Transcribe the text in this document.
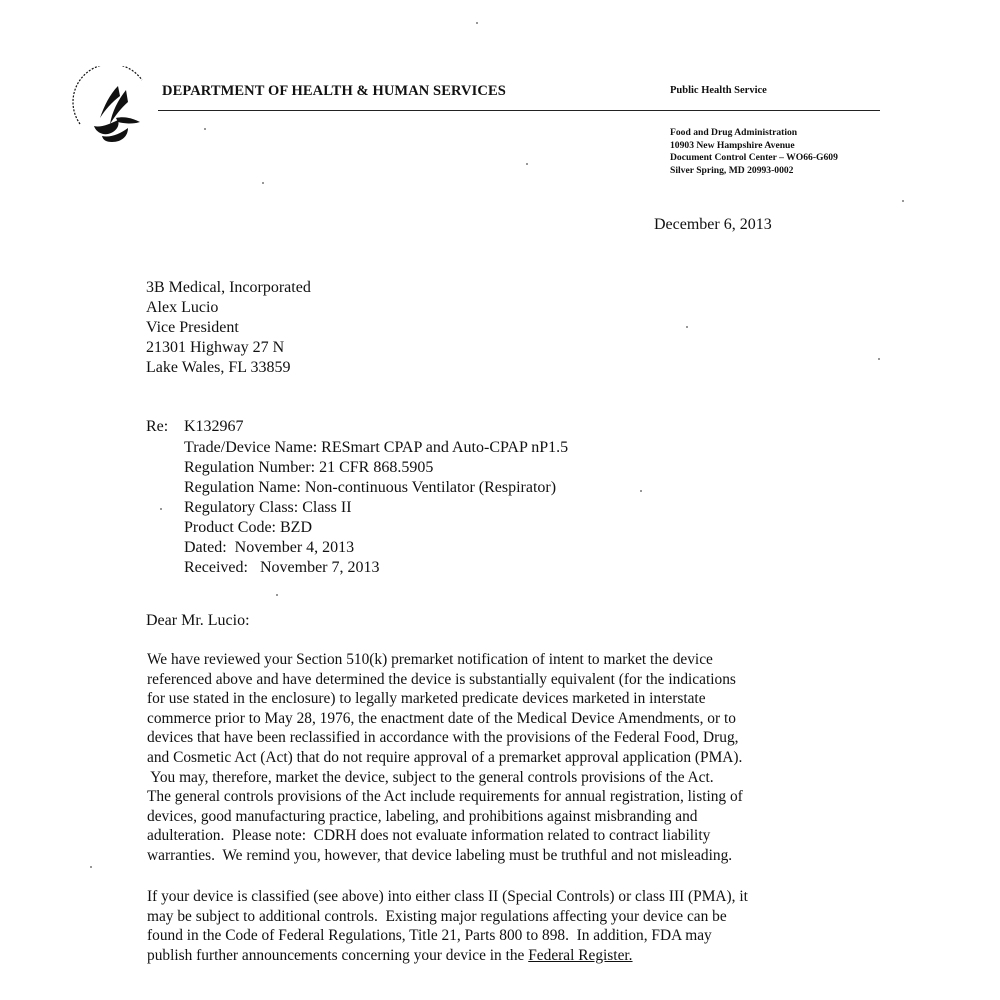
DEPARTMENT OF HEALTH & HUMAN SERVICES	Public Health Service
Food and Drug Administration
10903 New Hampshire Avenue
Document Control Center – WO66-G609
Silver Spring, MD 20993-0002
December 6, 2013
3B Medical, Incorporated
Alex Lucio
Vice President
21301 Highway 27 N
Lake Wales, FL 33859
Re: K132967
Trade/Device Name: RESmart CPAP and Auto-CPAP nP1.5
Regulation Number: 21 CFR 868.5905
Regulation Name: Non-continuous Ventilator (Respirator)
Regulatory Class: Class II
Product Code: BZD
Dated:  November 4, 2013
Received:   November 7, 2013
Dear Mr. Lucio:
We have reviewed your Section 510(k) premarket notification of intent to market the device
referenced above and have determined the device is substantially equivalent (for the indications
for use stated in the enclosure) to legally marketed predicate devices marketed in interstate
commerce prior to May 28, 1976, the enactment date of the Medical Device Amendments, or to
devices that have been reclassified in accordance with the provisions of the Federal Food, Drug,
and Cosmetic Act (Act) that do not require approval of a premarket approval application (PMA).
You may, therefore, market the device, subject to the general controls provisions of the Act.
The general controls provisions of the Act include requirements for annual registration, listing of
devices, good manufacturing practice, labeling, and prohibitions against misbranding and
adulteration.  Please note:  CDRH does not evaluate information related to contract liability
warranties.  We remind you, however, that device labeling must be truthful and not misleading.
If your device is classified (see above) into either class II (Special Controls) or class III (PMA), it
may be subject to additional controls.  Existing major regulations affecting your device can be
found in the Code of Federal Regulations, Title 21, Parts 800 to 898.  In addition, FDA may
publish further announcements concerning your device in the Federal Register.
